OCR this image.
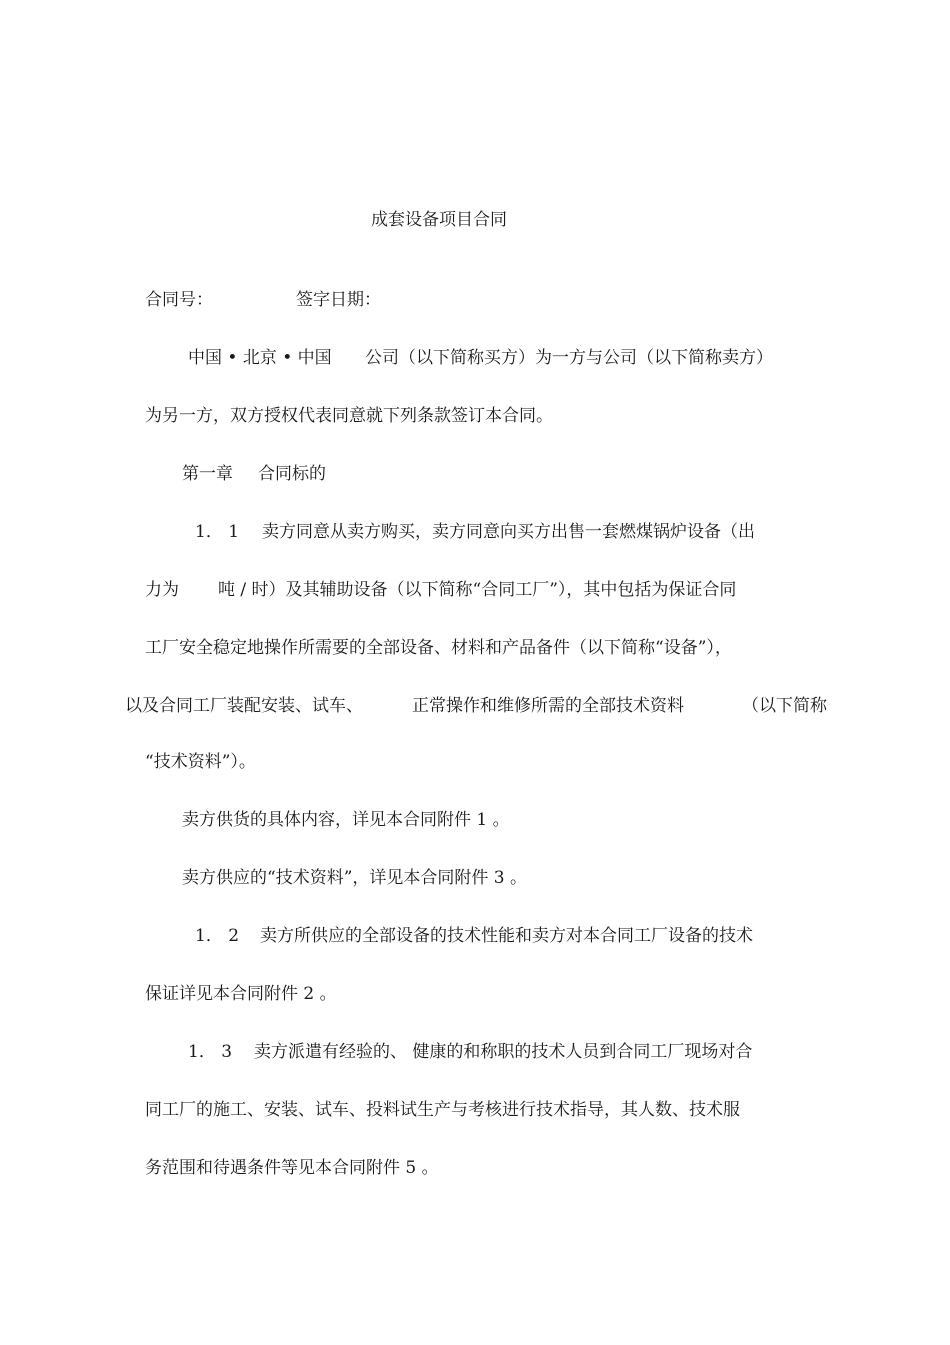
成套设备项目合同
合同号：	签字日期：
中国 • 北京 • 中国 公司（以下简称买方）为一方与公司（以下简称卖方）
为另一方，双方授权代表同意就下列条款签订本合同。
第一章 合同标的
1． 1 卖方同意从卖方购买，卖方同意向买方出售一套燃煤锅炉设备（出
力为 吨 / 时）及其辅助设备（以下简称“合同工厂”），其中包括为保证合同
工厂安全稳定地操作所需要的全部设备、材料和产品备件（以下简称“设备”），
以及合同工厂装配安装、试车、	正常操作和维修所需的全部技术资料	（以下简称
“技术资料”）。
卖方供货的具体内容，详见本合同附件 1 。
卖方供应的“技术资料”，详见本合同附件 3 。
1． 2 卖方所供应的全部设备的技术性能和卖方对本合同工厂设备的技术
保证详见本合同附件 2 。
1． 3 卖方派遣有经验的、 健康的和称职的技术人员到合同工厂现场对合
同工厂的施工、安装、试车、投料试生产与考核进行技术指导，其人数、技术服
务范围和待遇条件等见本合同附件 5 。
